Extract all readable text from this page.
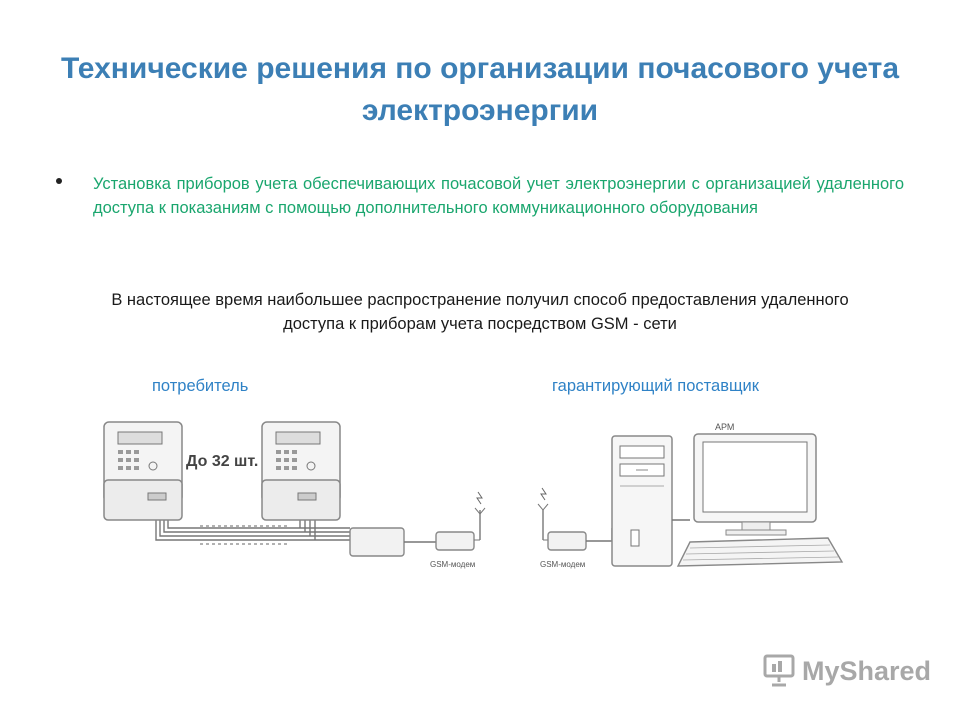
Технические решения по организации почасового учета электроэнергии
Установка приборов учета обеспечивающих почасовой учет электроэнергии с организацией удаленного доступа к показаниям с помощью дополнительного коммуникационного оборудования
В настоящее время наибольшее распространение получил способ предоставления удаленного доступа к приборам учета посредством GSM - сети
потребитель	гарантирующий поставщик
До 32 шт.
GSM-модем	GSM-модем
АРМ
MyShared
